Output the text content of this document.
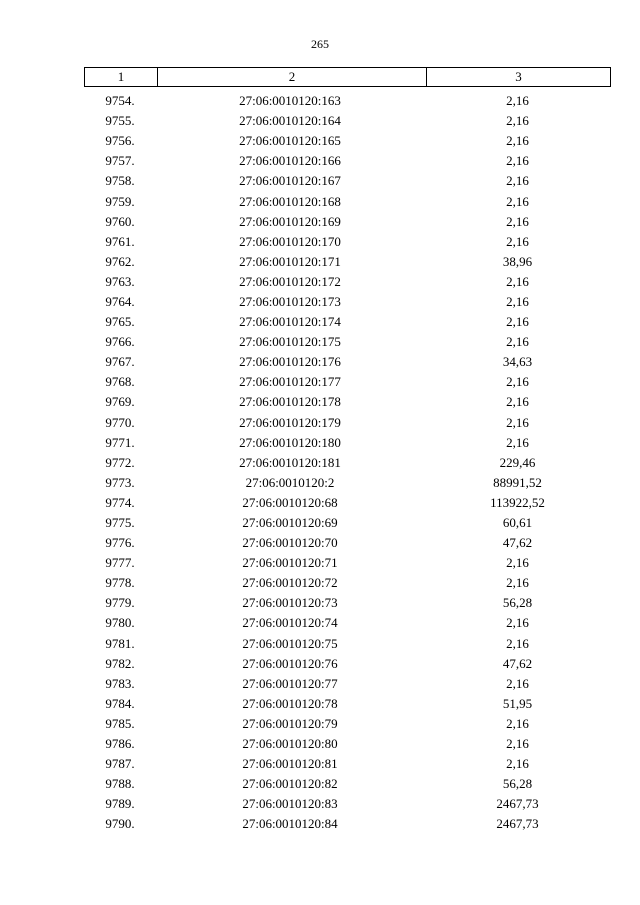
265
1	2	3
9754.	27:06:0010120:163	2,16
9755.	27:06:0010120:164	2,16
9756.	27:06:0010120:165	2,16
9757.	27:06:0010120:166	2,16
9758.	27:06:0010120:167	2,16
9759.	27:06:0010120:168	2,16
9760.	27:06:0010120:169	2,16
9761.	27:06:0010120:170	2,16
9762.	27:06:0010120:171	38,96
9763.	27:06:0010120:172	2,16
9764.	27:06:0010120:173	2,16
9765.	27:06:0010120:174	2,16
9766.	27:06:0010120:175	2,16
9767.	27:06:0010120:176	34,63
9768.	27:06:0010120:177	2,16
9769.	27:06:0010120:178	2,16
9770.	27:06:0010120:179	2,16
9771.	27:06:0010120:180	2,16
9772.	27:06:0010120:181	229,46
9773.	27:06:0010120:2	88991,52
9774.	27:06:0010120:68	113922,52
9775.	27:06:0010120:69	60,61
9776.	27:06:0010120:70	47,62
9777.	27:06:0010120:71	2,16
9778.	27:06:0010120:72	2,16
9779.	27:06:0010120:73	56,28
9780.	27:06:0010120:74	2,16
9781.	27:06:0010120:75	2,16
9782.	27:06:0010120:76	47,62
9783.	27:06:0010120:77	2,16
9784.	27:06:0010120:78	51,95
9785.	27:06:0010120:79	2,16
9786.	27:06:0010120:80	2,16
9787.	27:06:0010120:81	2,16
9788.	27:06:0010120:82	56,28
9789.	27:06:0010120:83	2467,73
9790.	27:06:0010120:84	2467,73
